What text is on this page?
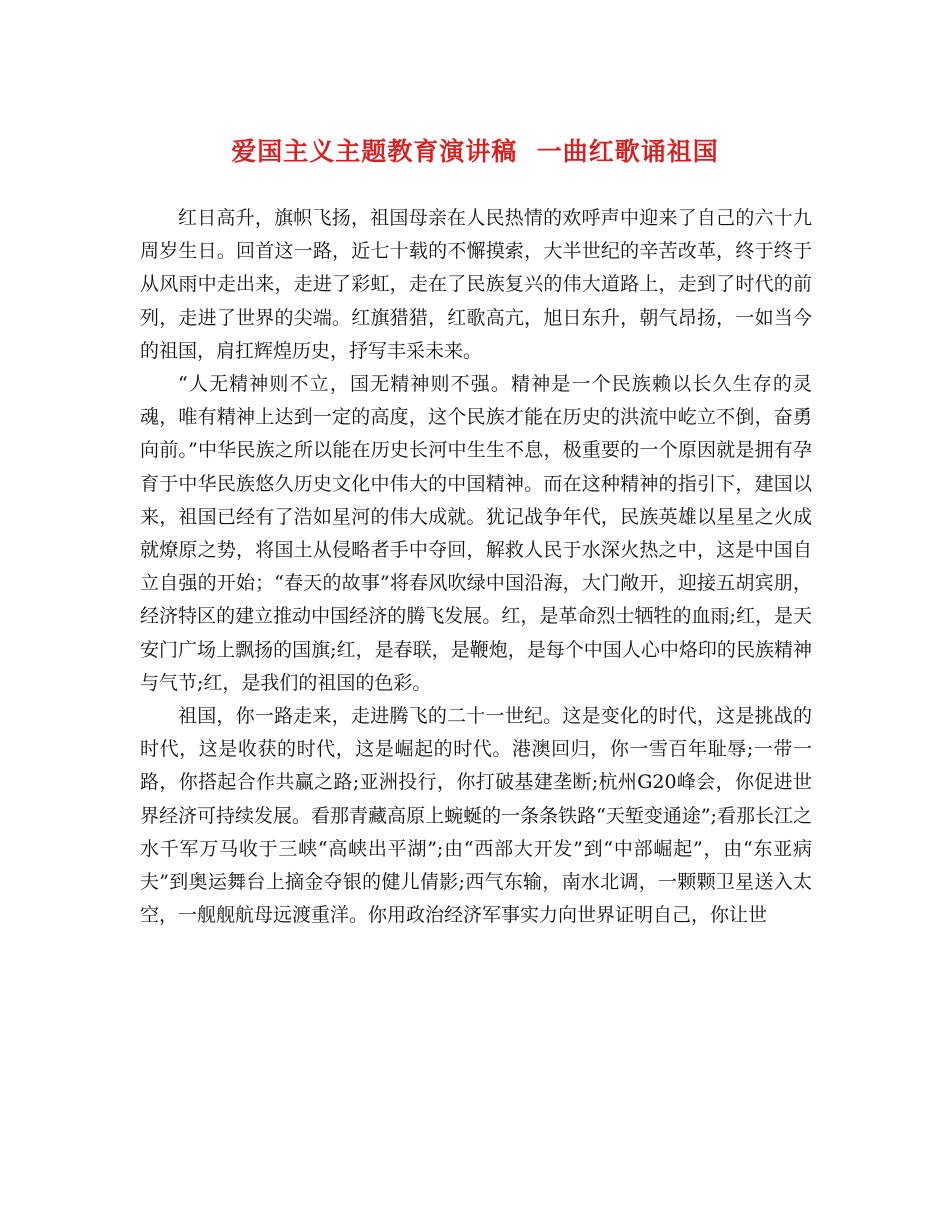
爱国主义主题教育演讲稿  一曲红歌诵祖国

红日高升，旗帜飞扬，祖国母亲在人民热情的欢呼声中迎来了自己的六十九周岁生日。回首这一路，近七十载的不懈摸索，大半世纪的辛苦改革，终于终于从风雨中走出来，走进了彩虹，走在了民族复兴的伟大道路上，走到了时代的前列，走进了世界的尖端。红旗猎猎，红歌高亢，旭日东升，朝气昂扬，一如当今的祖国，肩扛辉煌历史，抒写丰采未来。

“人无精神则不立，国无精神则不强。精神是一个民族赖以长久生存的灵魂，唯有精神上达到一定的高度，这个民族才能在历史的洪流中屹立不倒，奋勇向前。”中华民族之所以能在历史长河中生生不息，极重要的一个原因就是拥有孕育于中华民族悠久历史文化中伟大的中国精神。而在这种精神的指引下，建国以来，祖国已经有了浩如星河的伟大成就。犹记战争年代，民族英雄以星星之火成就燎原之势，将国土从侵略者手中夺回，解救人民于水深火热之中，这是中国自立自强的开始；“春天的故事”将春风吹绿中国沿海，大门敞开，迎接五胡宾朋，经济特区的建立推动中国经济的腾飞发展。红，是革命烈士牺牲的血雨;红，是天安门广场上飘扬的国旗;红，是春联，是鞭炮，是每个中国人心中烙印的民族精神与气节;红，是我们的祖国的色彩。

祖国，你一路走来，走进腾飞的二十一世纪。这是变化的时代，这是挑战的时代，这是收获的时代，这是崛起的时代。港澳回归，你一雪百年耻辱;一带一路，你搭起合作共赢之路;亚洲投行，你打破基建垄断;杭州G20峰会，你促进世界经济可持续发展。看那青藏高原上蜿蜒的一条条铁路“天堑变通途”;看那长江之水千军万马收于三峡“高峡出平湖”;由“西部大开发”到“中部崛起”，由“东亚病夫”到奥运舞台上摘金夺银的健儿倩影;西气东输，南水北调，一颗颗卫星送入太空，一舰舰航母远渡重洋。你用政治经济军事实力向世界证明自己，你让世
